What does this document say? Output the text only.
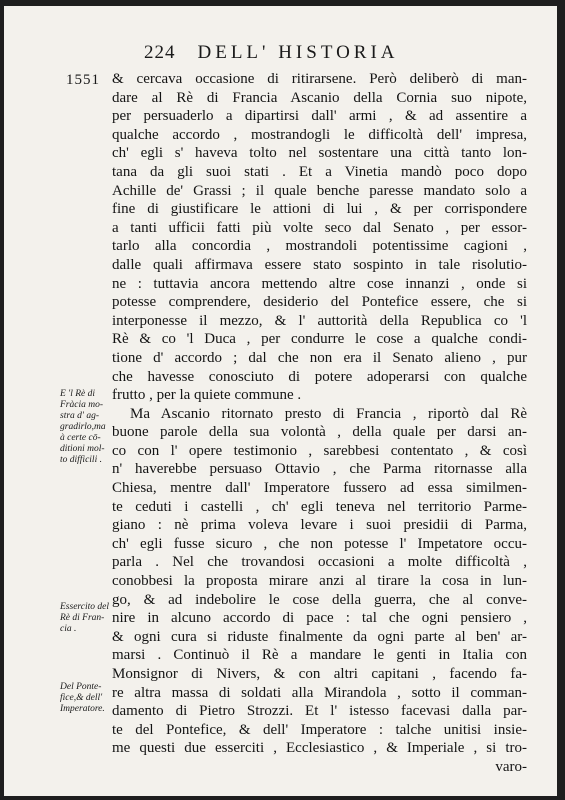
224 DELL' HISTORIA
1551
E 'l Rè di
Fràcia mo-
stra d' ag-
gradirlo,ma
à certe cō-
ditioni mol-
to difficili .
Essercito del
Rè di Fran-
cia .
Del Ponte-
fice,& dell'
Imperatore.
& cercava occasione di ritirarsene. Però deliberò di man-
dare al Rè di Francia Ascanio della Cornia suo nipote,
per persuaderlo a dipartirsi dall' armi , & ad assentire a
qualche accordo , mostrandogli le difficoltà dell' impresa,
ch' egli s' haveva tolto nel sostentare una città tanto lon-
tana da gli suoi stati . Et a Vinetia mandò poco dopo
Achille de' Grassi ; il quale benche paresse mandato solo a
fine di giustificare le attioni di lui , & per corrispondere
a tanti ufficii fatti più volte seco dal Senato , per essor-
tarlo alla concordia , mostrandoli potentissime cagioni ,
dalle quali affirmava essere stato sospinto in tale risolutio-
ne : tuttavia ancora mettendo altre cose innanzi , onde si
potesse comprendere, desiderio del Pontefice essere, che si
interponesse il mezzo, & l' auttorità della Republica co 'l
Rè & co 'l Duca , per condurre le cose a qualche condi-
tione d' accordo ; dal che non era il Senato alieno , pur
che havesse conosciuto di potere adoperarsi con qualche
frutto , per la quiete commune .
Ma Ascanio ritornato presto di Francia , riportò dal Rè
buone parole della sua volontà , della quale per darsi an-
co con l' opere testimonio , sarebbesi contentato , & così
n' haverebbe persuaso Ottavio , che Parma ritornasse alla
Chiesa, mentre dall' Imperatore fussero ad essa similmen-
te ceduti i castelli , ch' egli teneva nel territorio Parme-
giano : nè prima voleva levare i suoi presidii di Parma,
ch' egli fusse sicuro , che non potesse l' Impetatore occu-
parla . Nel che trovandosi occasioni a molte difficoltà ,
conobbesi la proposta mirare anzi al tirare la cosa in lun-
go, & ad indebolire le cose della guerra, che al conve-
nire in alcuno accordo di pace : tal che ogni pensiero ,
& ogni cura si riduste finalmente da ogni parte al ben' ar-
marsi . Continuò il Rè a mandare le genti in Italia con
Monsignor di Nivers, & con altri capitani , facendo fa-
re altra massa di soldati alla Mirandola , sotto il comman-
damento di Pietro Strozzi. Et l' istesso facevasi dalla par-
te del Pontefice, & dell' Imperatore : talche unitisi insie-
me questi due esserciti , Ecclesiastico , & Imperiale , si tro-
varo-
